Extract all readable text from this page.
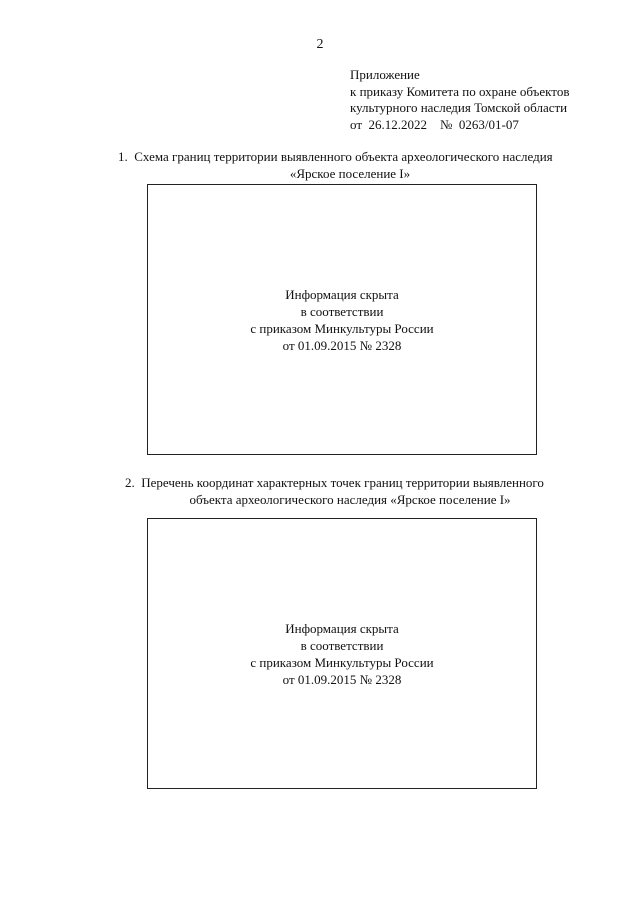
2
Приложение
к приказу Комитета по охране объектов
культурного наследия Томской области
от  26.12.2022    №  0263/01-07
1.  Схема границ территории выявленного объекта археологического наследия
«Ярское поселение I»
Информация скрыта
в соответствии
с приказом Минкультуры России
от 01.09.2015 № 2328
2.  Перечень координат характерных точек границ территории выявленного
объекта археологического наследия «Ярское поселение I»
Информация скрыта
в соответствии
с приказом Минкультуры России
от 01.09.2015 № 2328
